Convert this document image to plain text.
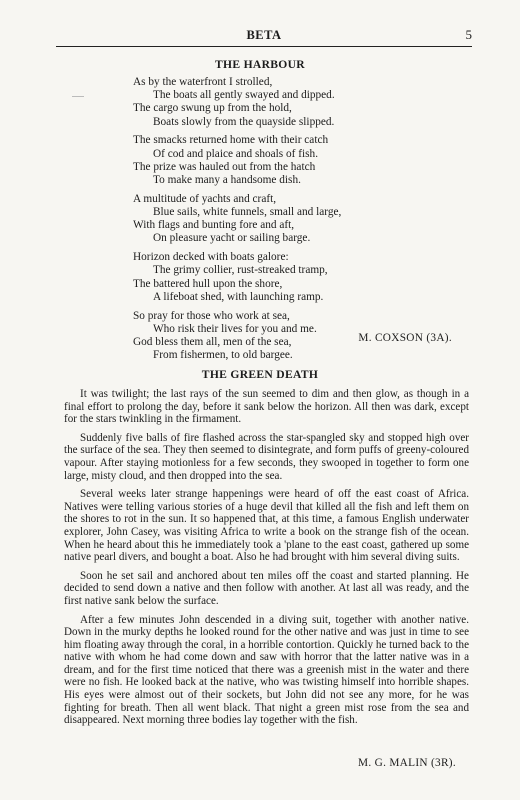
BETA	5
THE HARBOUR
As by the waterfront I strolled,
The boats all gently swayed and dipped.
The cargo swung up from the hold,
Boats slowly from the quayside slipped.
The smacks returned home with their catch
Of cod and plaice and shoals of fish.
The prize was hauled out from the hatch
To make many a handsome dish.
A multitude of yachts and craft,
Blue sails, white funnels, small and large,
With flags and bunting fore and aft,
On pleasure yacht or sailing barge.
Horizon decked with boats galore:
The grimy collier, rust-streaked tramp,
The battered hull upon the shore,
A lifeboat shed, with launching ramp.
So pray for those who work at sea,
Who risk their lives for you and me.
God bless them all, men of the sea,
From fishermen, to old bargee.
M. COXSON (3A).
THE GREEN DEATH

It was twilight; the last rays of the sun seemed to dim and then glow, as though in a final effort to prolong the day, before it sank below the horizon. All then was dark, except for the stars twinkling in the firmament.

Suddenly five balls of fire flashed across the star-spangled sky and stopped high over the surface of the sea. They then seemed to disintegrate, and form puffs of greeny-coloured vapour. After staying motionless for a few seconds, they swooped in together to form one large, misty cloud, and then dropped into the sea.

Several weeks later strange happenings were heard of off the east coast of Africa. Natives were telling various stories of a huge devil that killed all the fish and left them on the shores to rot in the sun. It so happened that, at this time, a famous English underwater explorer, John Casey, was visiting Africa to write a book on the strange fish of the ocean. When he heard about this he immediately took a 'plane to the east coast, gathered up some native pearl divers, and bought a boat. Also he had brought with him several diving suits.

Soon he set sail and anchored about ten miles off the coast and started planning. He decided to send down a native and then follow with another. At last all was ready, and the first native sank below the surface.

After a few minutes John descended in a diving suit, together with another native. Down in the murky depths he looked round for the other native and was just in time to see him floating away through the coral, in a horrible contortion. Quickly he turned back to the native with whom he had come down and saw with horror that the latter native was in a dream, and for the first time noticed that there was a greenish mist in the water and there were no fish. He looked back at the native, who was twisting himself into horrible shapes. His eyes were almost out of their sockets, but John did not see any more, for he was fighting for breath. Then all went black. That night a green mist rose from the sea and disappeared. Next morning three bodies lay together with the fish.

M. G. MALIN (3R).
